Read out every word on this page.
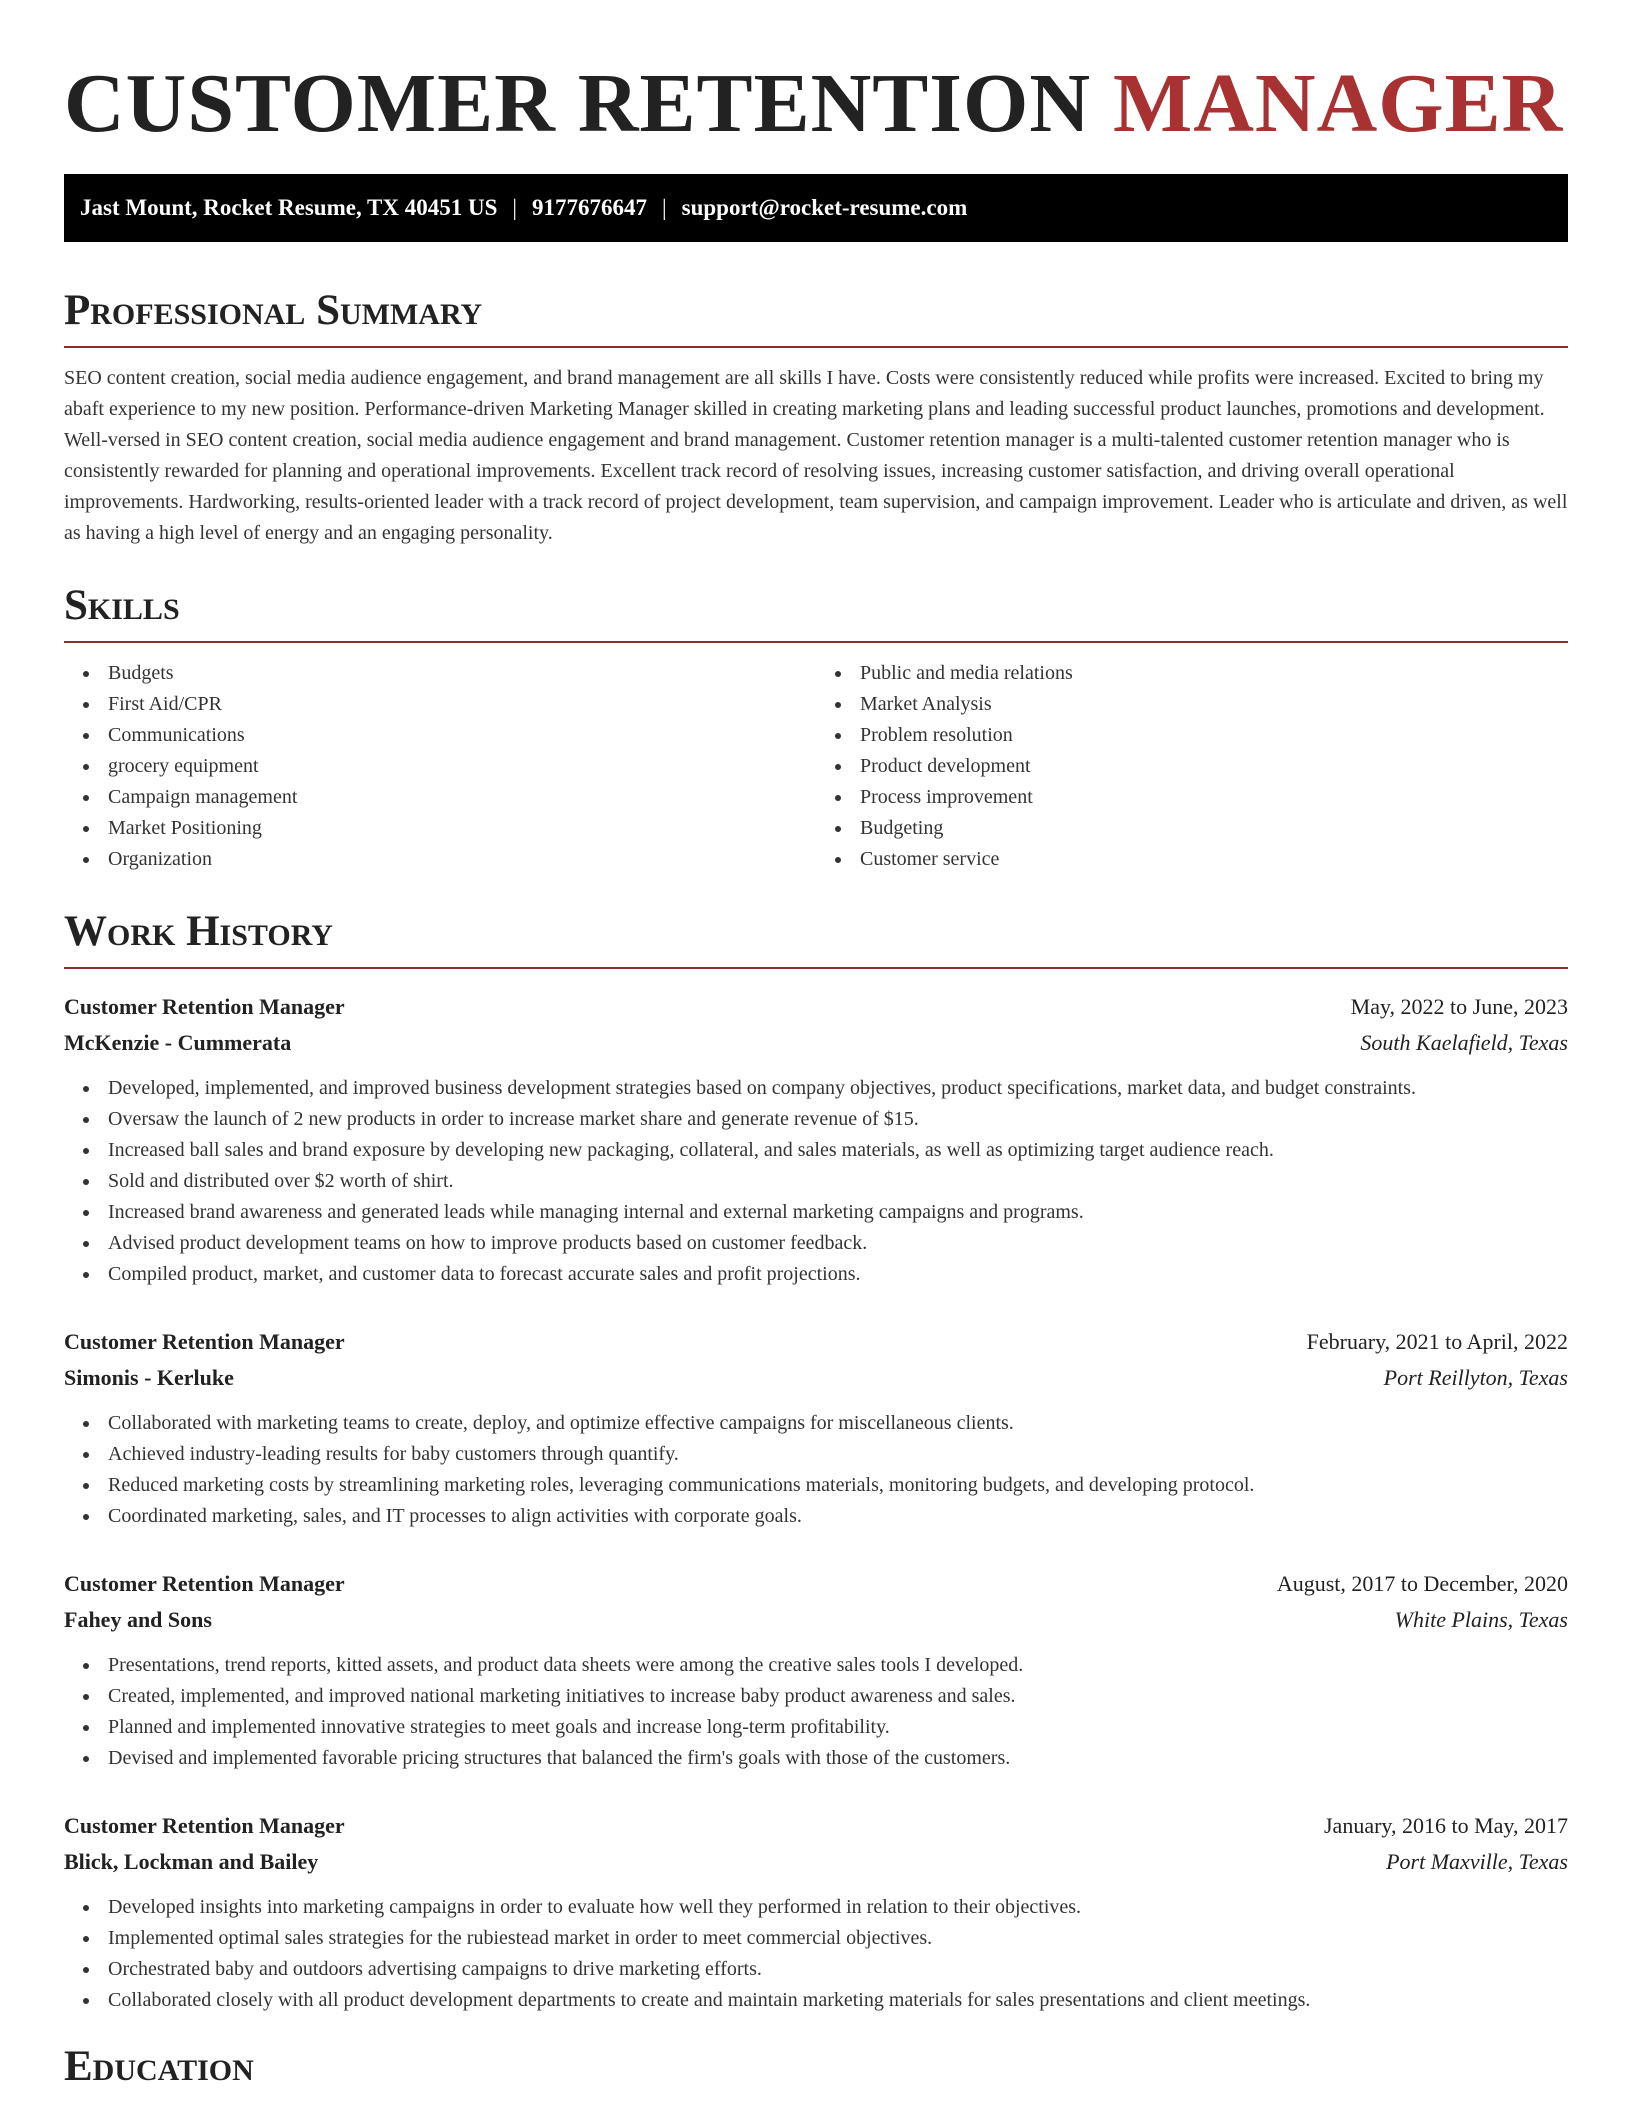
CUSTOMER RETENTION MANAGER
Jast Mount, Rocket Resume, TX 40451 US | 9177676647 | support@rocket-resume.com
Professional Summary

SEO content creation, social media audience engagement, and brand management are all skills I have. Costs were consistently reduced while profits were increased. Excited to bring my abaft experience to my new position. Performance-driven Marketing Manager skilled in creating marketing plans and leading successful product launches, promotions and development. Well-versed in SEO content creation, social media audience engagement and brand management. Customer retention manager is a multi-talented customer retention manager who is consistently rewarded for planning and operational improvements. Excellent track record of resolving issues, increasing customer satisfaction, and driving overall operational improvements. Hardworking, results-oriented leader with a track record of project development, team supervision, and campaign improvement. Leader who is articulate and driven, as well as having a high level of energy and an engaging personality.

Skills
Budgets
First Aid/CPR
Communications
grocery equipment
Campaign management
Market Positioning
Organization
Public and media relations
Market Analysis
Problem resolution
Product development
Process improvement
Budgeting
Customer service
Work History
Customer Retention Manager	May, 2022 to June, 2023
McKenzie - Cummerata	South Kaelafield, Texas
Developed, implemented, and improved business development strategies based on company objectives, product specifications, market data, and budget constraints.
Oversaw the launch of 2 new products in order to increase market share and generate revenue of $15.
Increased ball sales and brand exposure by developing new packaging, collateral, and sales materials, as well as optimizing target audience reach.
Sold and distributed over $2 worth of shirt.
Increased brand awareness and generated leads while managing internal and external marketing campaigns and programs.
Advised product development teams on how to improve products based on customer feedback.
Compiled product, market, and customer data to forecast accurate sales and profit projections.
Customer Retention Manager	February, 2021 to April, 2022
Simonis - Kerluke	Port Reillyton, Texas
Collaborated with marketing teams to create, deploy, and optimize effective campaigns for miscellaneous clients.
Achieved industry-leading results for baby customers through quantify.
Reduced marketing costs by streamlining marketing roles, leveraging communications materials, monitoring budgets, and developing protocol.
Coordinated marketing, sales, and IT processes to align activities with corporate goals.
Customer Retention Manager	August, 2017 to December, 2020
Fahey and Sons	White Plains, Texas
Presentations, trend reports, kitted assets, and product data sheets were among the creative sales tools I developed.
Created, implemented, and improved national marketing initiatives to increase baby product awareness and sales.
Planned and implemented innovative strategies to meet goals and increase long-term profitability.
Devised and implemented favorable pricing structures that balanced the firm's goals with those of the customers.
Customer Retention Manager	January, 2016 to May, 2017
Blick, Lockman and Bailey	Port Maxville, Texas
Developed insights into marketing campaigns in order to evaluate how well they performed in relation to their objectives.
Implemented optimal sales strategies for the rubiestead market in order to meet commercial objectives.
Orchestrated baby and outdoors advertising campaigns to drive marketing efforts.
Collaborated closely with all product development departments to create and maintain marketing materials for sales presentations and client meetings.
Education
